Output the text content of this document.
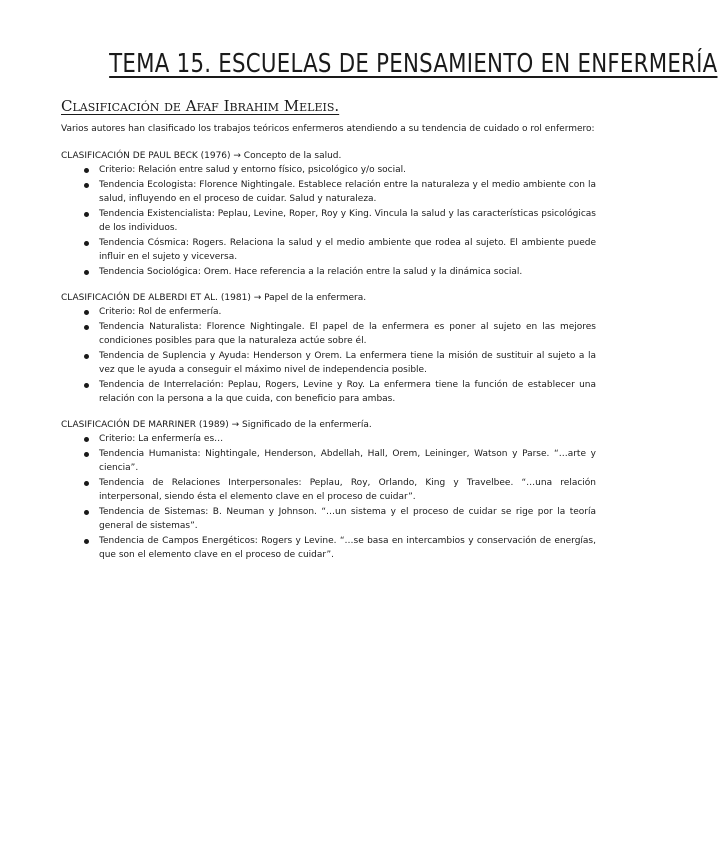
TEMA 15. ESCUELAS DE PENSAMIENTO EN ENFERMERÍA
Clasificación de Afaf Ibrahim Meleis.

Varios autores han clasificado los trabajos teóricos enfermeros atendiendo a su tendencia de cuidado o rol enfermero:

CLASIFICACIÓN DE PAUL BECK (1976) → Concepto de la salud.

Criterio: Relación entre salud y entorno físico, psicológico y/o social.
Tendencia Ecologista: Florence Nightingale. Establece relación entre la naturaleza y el medio ambiente con la salud, influyendo en el proceso de cuidar. Salud y naturaleza.
Tendencia Existencialista: Peplau, Levine, Roper, Roy y King. Vincula la salud y las características psicológicas de los individuos.
Tendencia Cósmica: Rogers. Relaciona la salud y el medio ambiente que rodea al sujeto. El ambiente puede influir en el sujeto y viceversa.
Tendencia Sociológica: Orem. Hace referencia a la relación entre la salud y la dinámica social.

CLASIFICACIÓN DE ALBERDI ET AL. (1981) → Papel de la enfermera.

Criterio: Rol de enfermería.
Tendencia Naturalista: Florence Nightingale. El papel de la enfermera es poner al sujeto en las mejores condiciones posibles para que la naturaleza actúe sobre él.
Tendencia de Suplencia y Ayuda: Henderson y Orem. La enfermera tiene la misión de sustituir al sujeto a la vez que le ayuda a conseguir el máximo nivel de independencia posible.
Tendencia de Interrelación: Peplau, Rogers, Levine y Roy. La enfermera tiene la función de establecer una relación con la persona a la que cuida, con beneficio para ambas.

CLASIFICACIÓN DE MARRINER (1989) → Significado de la enfermería.

Criterio: La enfermería es…
Tendencia Humanista: Nightingale, Henderson, Abdellah, Hall, Orem, Leininger, Watson y Parse. “…arte y ciencia”.
Tendencia de Relaciones Interpersonales: Peplau, Roy, Orlando, King y Travelbee. “…una relación interpersonal, siendo ésta el elemento clave en el proceso de cuidar”.
Tendencia de Sistemas: B. Neuman y Johnson. “…un sistema y el proceso de cuidar se rige por la teoría general de sistemas”.
Tendencia de Campos Energéticos: Rogers y Levine. “…se basa en intercambios y conservación de energías, que son el elemento clave en el proceso de cuidar”.
